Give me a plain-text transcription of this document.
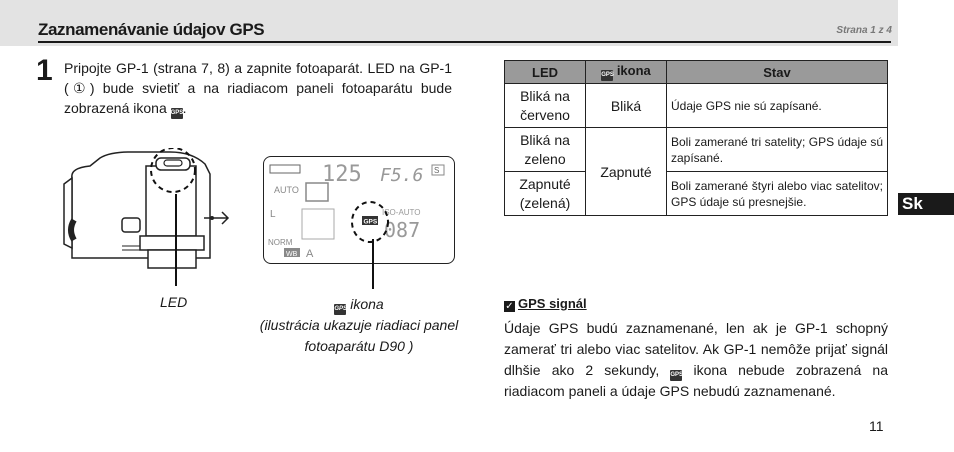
Zaznamenávanie údajov GPS	Strana 1 z 4
1 Pripojte GP-1 (strana 7, 8) a zapnite fotoaparát. LED na GP-1 (①) bude svietiť a na riadiacom paneli fotoaparátu bude zobrazená ikona GPS.
AUTO
125 F5.6 S
L
NORM
WB A
GPS
ISO-AUTO
087
LED	GPS ikona
(ilustrácia ukazuje riadiaci panel fotoaparátu D90 )
LED	GPS ikona	Stav
Bliká na červeno	Bliká	Údaje GPS nie sú zapísané.
Bliká na zeleno	Zapnuté	Boli zamerané tri satelity; GPS údaje sú zapísané.
Zapnuté (zelená)		Boli zamerané štyri alebo viac satelitov; GPS údaje sú presnejšie.	Sk
✓ GPS signál
Údaje GPS budú zaznamenané, len ak je GP-1 schopný zamerať tri alebo viac satelitov. Ak GP-1 nemôže prijať signál dlhšie ako 2 sekundy, GPS ikona nebude zobrazená na riadiacom paneli a údaje GPS nebudú zaznamenané.
11
